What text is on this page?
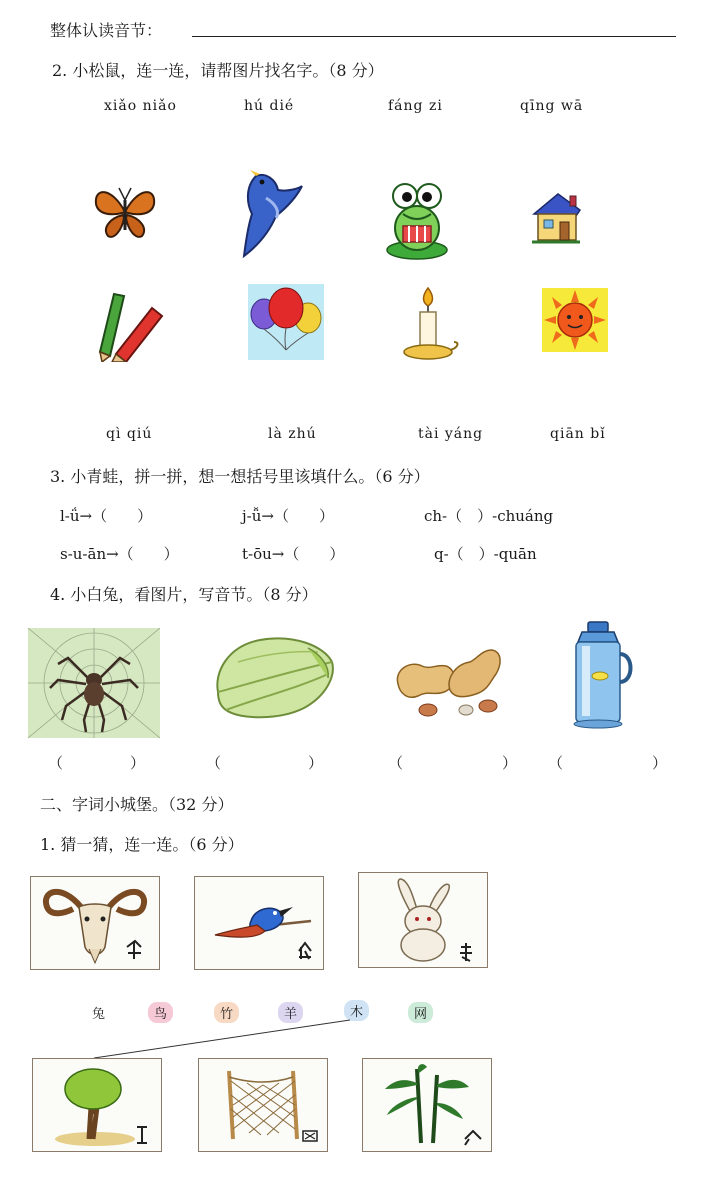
整体认读音节：
2. 小松鼠，连一连，请帮图片找名字。（8 分）
xiǎo niǎo	hú dié	fáng zi	qīng wā
qì qiú	là zhú	tài yáng	qiān bǐ
3. 小青蛙，拼一拼，想一想括号里该填什么。（6 分）
l-ǘ→（　　）	j-ǚ→（　　）	ch-（　）-chuáng
s-u-ān→（　　）	t-ōu→（　　）	q-（　）-quān
4. 小白兔，看图片，写音节。（8 分）
（	）	（	）	（	） （	）
二、字词小城堡。（32 分）
1. 猜一猜，连一连。（6 分）
兔	鸟	竹	羊	木	网
